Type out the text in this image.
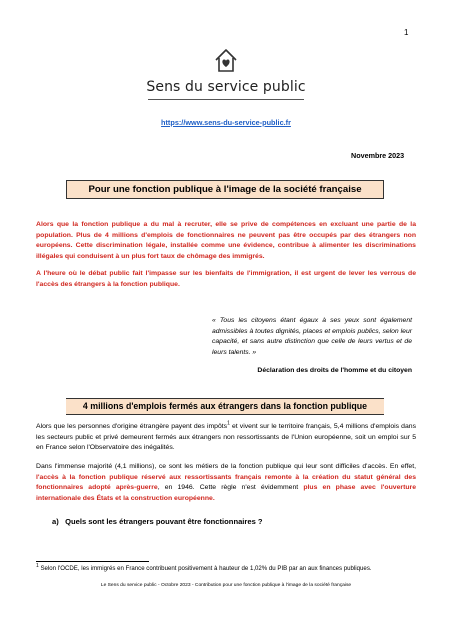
1
Sens du service public
https://www.sens-du-service-public.fr
Novembre 2023
Pour une fonction publique à l'image de la société française
Alors que la fonction publique a du mal à recruter, elle se prive de compétences en excluant une partie de la population. Plus de 4 millions d'emplois de fonctionnaires ne peuvent pas être occupés par des étrangers non européens. Cette discrimination légale, installée comme une évidence, contribue à alimenter les discriminations illégales qui conduisent à un plus fort taux de chômage des immigrés.
A l'heure où le débat public fait l'impasse sur les bienfaits de l'immigration, il est urgent de lever les verrous de l'accès des étrangers à la fonction publique.
« Tous les citoyens étant égaux à ses yeux sont également admissibles à toutes dignités, places et emplois publics, selon leur capacité, et sans autre distinction que celle de leurs vertus et de leurs talents. »
Déclaration des droits de l'homme et du citoyen
4 millions d'emplois fermés aux étrangers dans la fonction publique
Alors que les personnes d'origine étrangère payent des impôts$^1$ et vivent sur le territoire français, 5,4 millions d'emplois dans les secteurs public et privé demeurent fermés aux étrangers non ressortissants de l'Union européenne, soit un emploi sur 5 en France selon l'Observatoire des inégalités.
Dans l'immense majorité (4,1 millions), ce sont les métiers de la fonction publique qui leur sont difficiles d'accès. En effet, l'accès à la fonction publique réservé aux ressortissants français remonte à la création du statut général des fonctionnaires adopté après-guerre, en 1946. Cette règle n'est évidemment plus en phase avec l'ouverture internationale des États et la construction européenne.
a)   Quels sont les étrangers pouvant être fonctionnaires ?
$^1$ Selon l'OCDE, les immigrés en France contribuent positivement à hauteur de 1,02% du PIB par an aux finances publiques.
Le Sens du service public - Octobre 2023 - Contribution pour une fonction publique à l'image de la société française
